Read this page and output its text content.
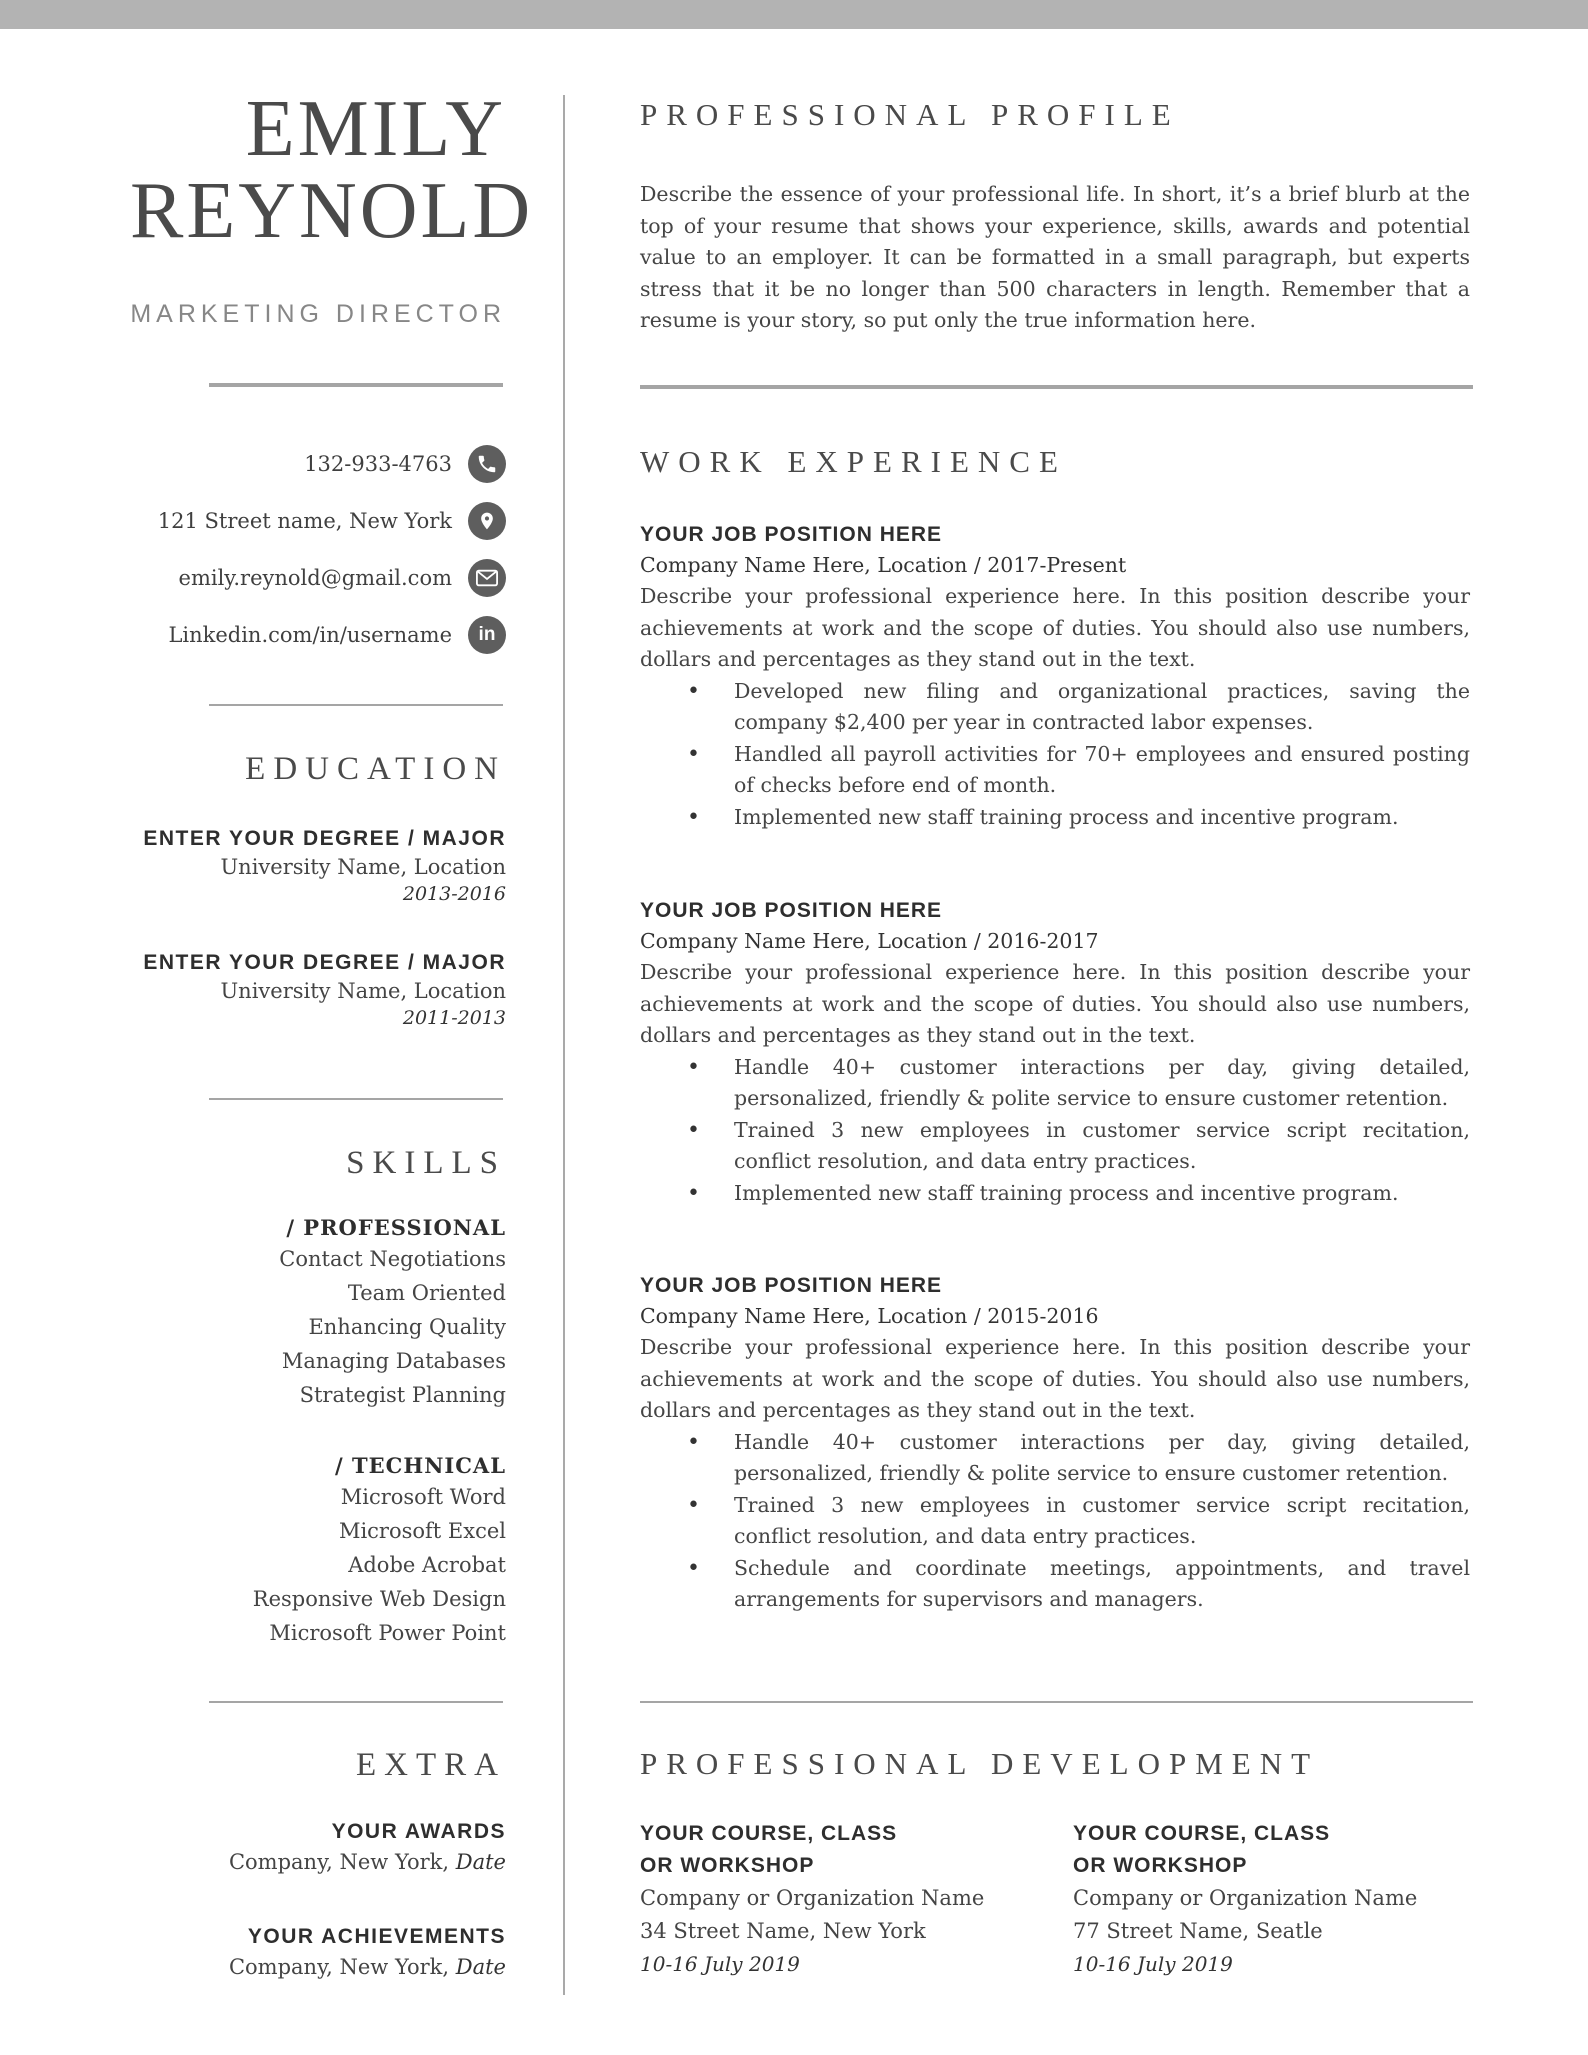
EMILY
REYNOLD
MARKETING DIRECTOR
132-933-4763
121 Street name, New York
emily.reynold@gmail.com
Linkedin.com/in/username in
EDUCATION
ENTER YOUR DEGREE / MAJOR
University Name, Location
2013-2016
ENTER YOUR DEGREE / MAJOR
University Name, Location
2011-2013
SKILLS
/ PROFESSIONAL
Contact Negotiations
Team Oriented
Enhancing Quality
Managing Databases
Strategist Planning
/ TECHNICAL
Microsoft Word
Microsoft Excel
Adobe Acrobat
Responsive Web Design
Microsoft Power Point
EXTRA
YOUR AWARDS
Company, New York, Date
YOUR ACHIEVEMENTS
Company, New York, Date
PROFESSIONAL PROFILE
Describe the essence of your professional life. In short, it’s a brief blurb at the top of your resume that shows your experience, skills, awards and potential value to an employer. It can be formatted in a small paragraph, but experts stress that it be no longer than 500 characters in length. Remember that a resume is your story, so put only the true information here.
WORK EXPERIENCE
YOUR JOB POSITION HERE
Company Name Here, Location / 2017-Present
Describe your professional experience here. In this position describe your achievements at work and the scope of duties. You should also use numbers, dollars and percentages as they stand out in the text.
• Developed new filing and organizational practices, saving the company $2,400 per year in contracted labor expenses.
• Handled all payroll activities for 70+ employees and ensured posting of checks before end of month.
• Implemented new staff training process and incentive program.
YOUR JOB POSITION HERE
Company Name Here, Location / 2016-2017
Describe your professional experience here. In this position describe your achievements at work and the scope of duties. You should also use numbers, dollars and percentages as they stand out in the text.
• Handle 40+ customer interactions per day, giving detailed, personalized, friendly & polite service to ensure customer retention.
• Trained 3 new employees in customer service script recitation, conflict resolution, and data entry practices.
• Implemented new staff training process and incentive program.
YOUR JOB POSITION HERE
Company Name Here, Location / 2015-2016
Describe your professional experience here. In this position describe your achievements at work and the scope of duties. You should also use numbers, dollars and percentages as they stand out in the text.
• Handle 40+ customer interactions per day, giving detailed, personalized, friendly & polite service to ensure customer retention.
• Trained 3 new employees in customer service script recitation, conflict resolution, and data entry practices.
• Schedule and coordinate meetings, appointments, and travel arrangements for supervisors and managers.
PROFESSIONAL DEVELOPMENT
YOUR COURSE, CLASS
OR WORKSHOP
Company or Organization Name
34 Street Name, New York
10-16 July 2019
YOUR COURSE, CLASS
OR WORKSHOP
Company or Organization Name
77 Street Name, Seatle
10-16 July 2019
